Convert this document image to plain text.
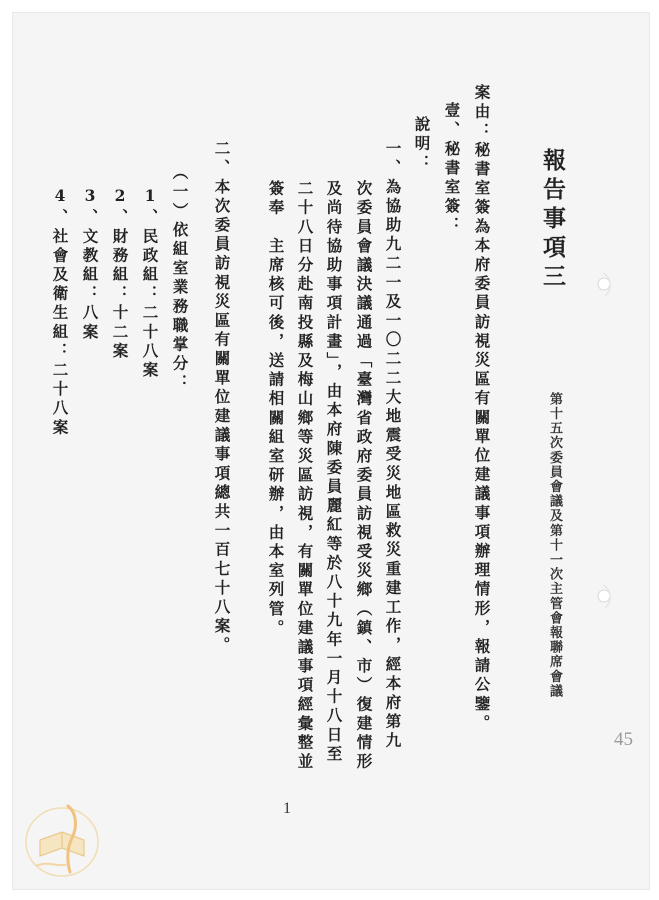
報告事項三
第十五次委員會議及第十一次主管會報聯席會議
案由：秘書室簽為本府委員訪視災區有關單位建議事項辦理情形，報請公鑒。
壹、秘書室簽：
說明：
一、為協助九二一及一〇二二大地震受災地區救災重建工作，經本府第九
次委員會議決議通過「臺灣省政府委員訪視受災鄉（鎮、市）復建情形
及尚待協助事項計畫」，由本府陳委員麗紅等於八十九年一月十八日至
二十八日分赴南投縣及梅山鄉等災區訪視，有關單位建議事項經彙整並
簽奉　主席核可後，送請相關組室研辦，由本室列管。
二、本次委員訪視災區有關單位建議事項總共一百七十八案。
（一）依組室業務職掌分：
1、民政組：二十八案
2、財務組：十二案
3、文教組：八案
4、社會及衛生組：二十八案
1
45
